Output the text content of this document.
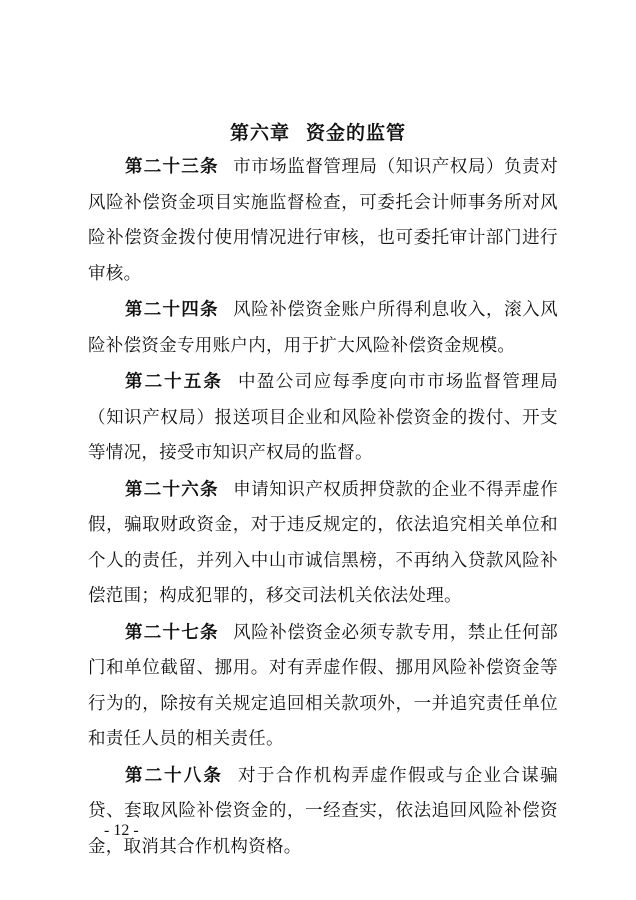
第六章 资金的监管

第二十三条 市市场监督管理局（知识产权局）负责对风险补偿资金项目实施监督检查，可委托会计师事务所对风险补偿资金拨付使用情况进行审核，也可委托审计部门进行审核。

第二十四条 风险补偿资金账户所得利息收入，滚入风险补偿资金专用账户内，用于扩大风险补偿资金规模。

第二十五条 中盈公司应每季度向市市场监督管理局（知识产权局）报送项目企业和风险补偿资金的拨付、开支等情况，接受市知识产权局的监督。

第二十六条 申请知识产权质押贷款的企业不得弄虚作假，骗取财政资金，对于违反规定的，依法追究相关单位和个人的责任，并列入中山市诚信黑榜，不再纳入贷款风险补偿范围；构成犯罪的，移交司法机关依法处理。

第二十七条 风险补偿资金必须专款专用，禁止任何部门和单位截留、挪用。对有弄虚作假、挪用风险补偿资金等行为的，除按有关规定追回相关款项外，一并追究责任单位和责任人员的相关责任。

第二十八条 对于合作机构弄虚作假或与企业合谋骗贷、套取风险补偿资金的，一经查实，依法追回风险补偿资金，取消其合作机构资格。

- 12 -
